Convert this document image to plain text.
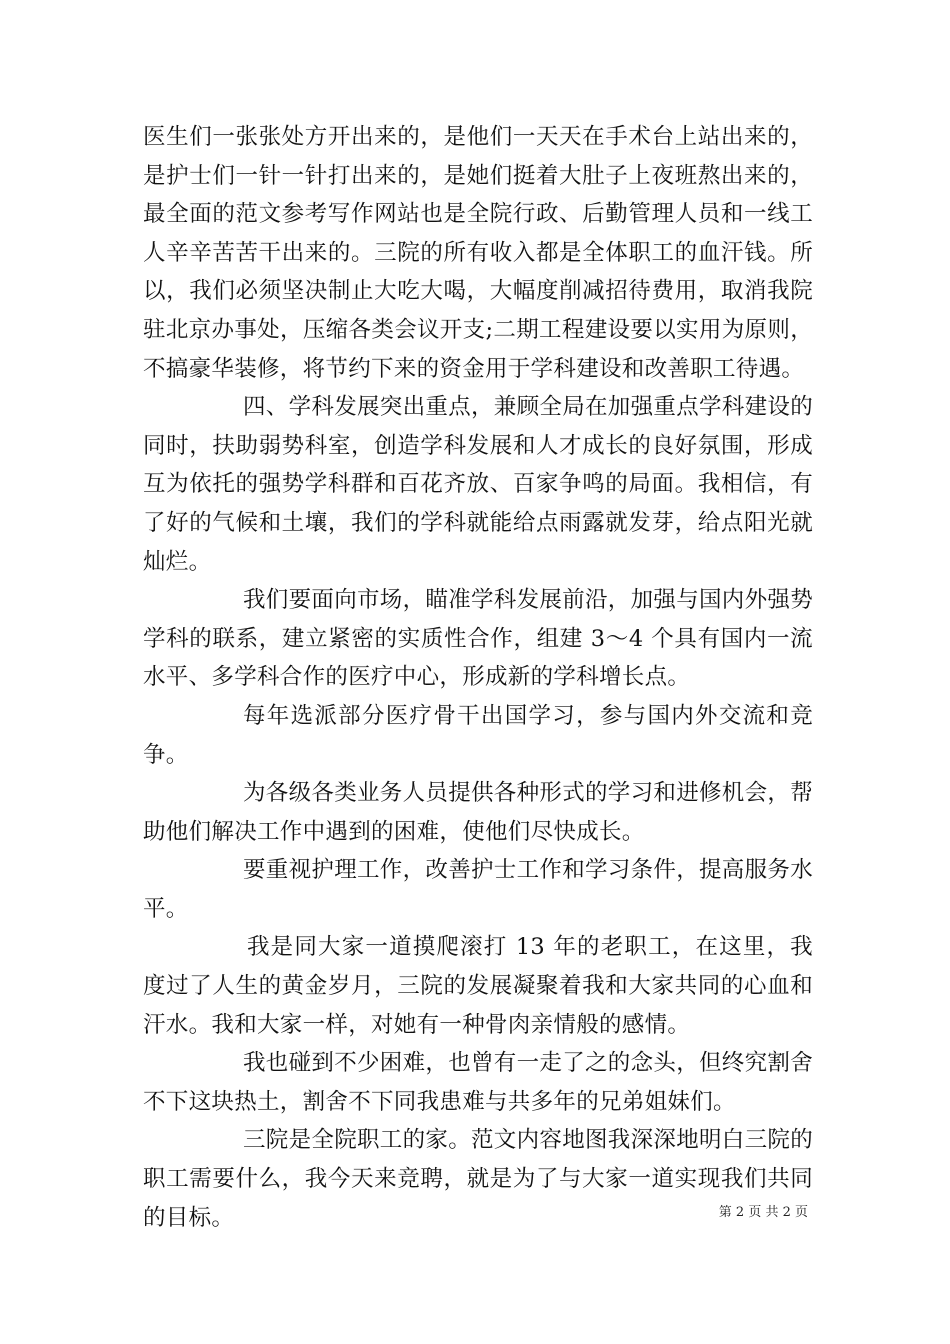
医生们一张张处方开出来的，是他们一天天在手术台上站出来的，是护士们一针一针打出来的，是她们挺着大肚子上夜班熬出来的，最全面的范文参考写作网站也是全院行政、后勤管理人员和一线工人辛辛苦苦干出来的。三院的所有收入都是全体职工的血汗钱。所以，我们必须坚决制止大吃大喝，大幅度削减招待费用，取消我院驻北京办事处，压缩各类会议开支;二期工程建设要以实用为原则，不搞豪华装修，将节约下来的资金用于学科建设和改善职工待遇。

四、学科发展突出重点，兼顾全局在加强重点学科建设的同时，扶助弱势科室，创造学科发展和人才成长的良好氛围，形成互为依托的强势学科群和百花齐放、百家争鸣的局面。我相信，有了好的气候和土壤，我们的学科就能给点雨露就发芽，给点阳光就灿烂。

我们要面向市场，瞄准学科发展前沿，加强与国内外强势学科的联系，建立紧密的实质性合作，组建 3～4 个具有国内一流水平、多学科合作的医疗中心，形成新的学科增长点。

每年选派部分医疗骨干出国学习，参与国内外交流和竞争。

为各级各类业务人员提供各种形式的学习和进修机会，帮助他们解决工作中遇到的困难，使他们尽快成长。

要重视护理工作，改善护士工作和学习条件，提高服务水平。

我是同大家一道摸爬滚打 13 年的老职工，在这里，我度过了人生的黄金岁月，三院的发展凝聚着我和大家共同的心血和汗水。我和大家一样，对她有一种骨肉亲情般的感情。

我也碰到不少困难，也曾有一走了之的念头，但终究割舍不下这块热土，割舍不下同我患难与共多年的兄弟姐妹们。

三院是全院职工的家。范文内容地图我深深地明白三院的职工需要什么，我今天来竞聘，就是为了与大家一道实现我们共同的目标。	第 2 页 共 2 页
